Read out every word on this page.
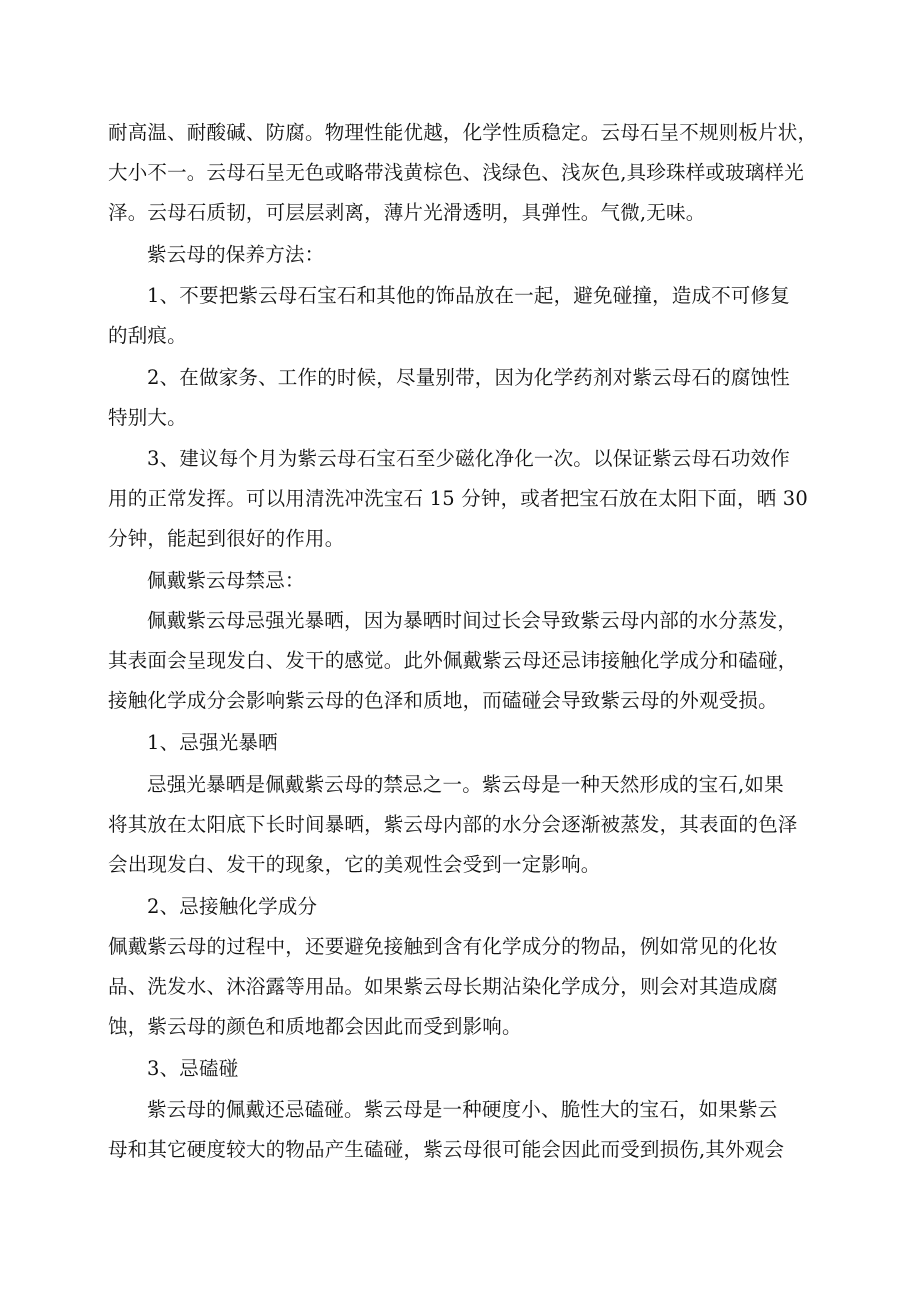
耐高温、耐酸碱、防腐。物理性能优越，化学性质稳定。云母石呈不规则板片状，

大小不一。云母石呈无色或略带浅黄棕色、浅绿色、浅灰色,具珍珠样或玻璃样光

泽。云母石质韧，可层层剥离，薄片光滑透明，具弹性。气微,无味。

紫云母的保养方法：

1、不要把紫云母石宝石和其他的饰品放在一起，避免碰撞，造成不可修复

的刮痕。

2、在做家务、工作的时候，尽量别带，因为化学药剂对紫云母石的腐蚀性

特别大。

3、建议每个月为紫云母石宝石至少磁化净化一次。以保证紫云母石功效作

用的正常发挥。可以用清洗冲洗宝石 15 分钟，或者把宝石放在太阳下面，晒 30

分钟，能起到很好的作用。

佩戴紫云母禁忌：

佩戴紫云母忌强光暴晒，因为暴晒时间过长会导致紫云母内部的水分蒸发，

其表面会呈现发白、发干的感觉。此外佩戴紫云母还忌讳接触化学成分和磕碰，

接触化学成分会影响紫云母的色泽和质地，而磕碰会导致紫云母的外观受损。

1、忌强光暴晒

忌强光暴晒是佩戴紫云母的禁忌之一。紫云母是一种天然形成的宝石,如果

将其放在太阳底下长时间暴晒，紫云母内部的水分会逐渐被蒸发，其表面的色泽

会出现发白、发干的现象，它的美观性会受到一定影响。

2、忌接触化学成分

佩戴紫云母的过程中，还要避免接触到含有化学成分的物品，例如常见的化妆

品、洗发水、沐浴露等用品。如果紫云母长期沾染化学成分，则会对其造成腐

蚀，紫云母的颜色和质地都会因此而受到影响。

3、忌磕碰

紫云母的佩戴还忌磕碰。紫云母是一种硬度小、脆性大的宝石，如果紫云

母和其它硬度较大的物品产生磕碰，紫云母很可能会因此而受到损伤,其外观会
